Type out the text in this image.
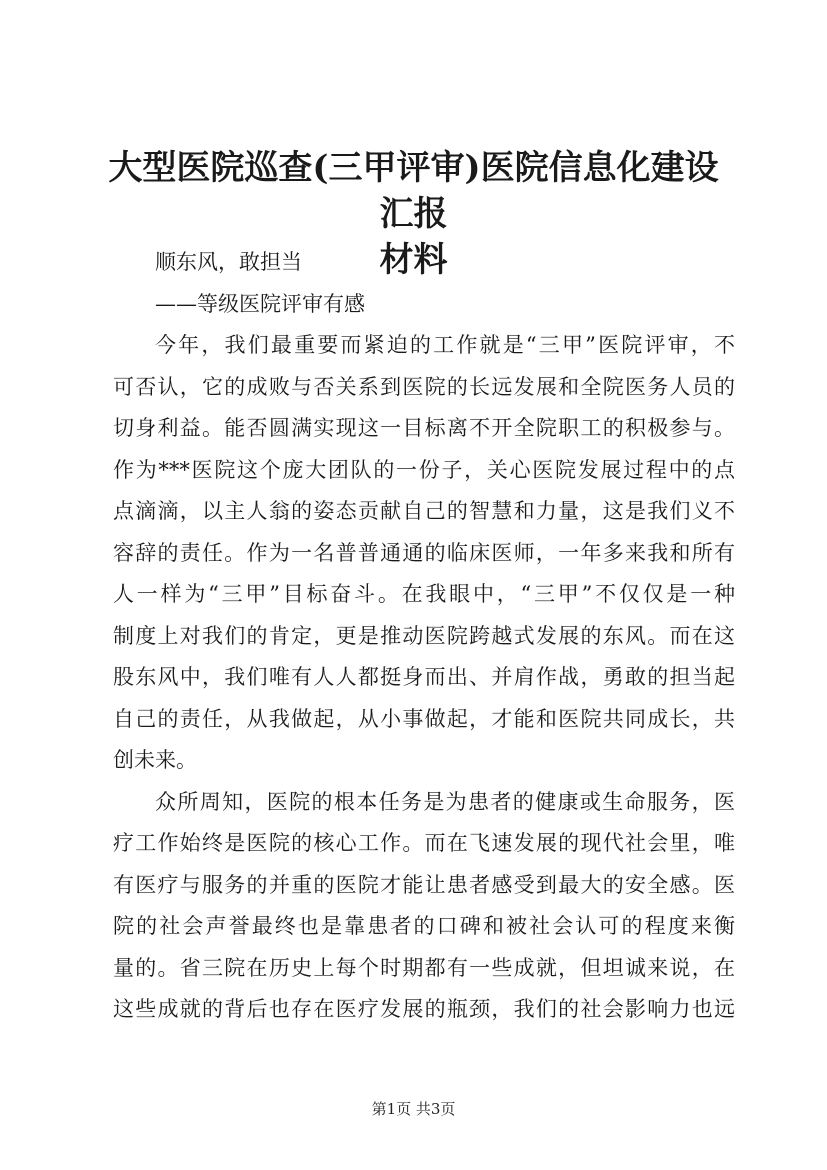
大型医院巡查(三甲评审)医院信息化建设汇报
材料
顺东风，敢担当
——等级医院评审有感
今年，我们最重要而紧迫的工作就是“三甲”医院评审，不
可否认，它的成败与否关系到医院的长远发展和全院医务人员的
切身利益。能否圆满实现这一目标离不开全院职工的积极参与。
作为***医院这个庞大团队的一份子，关心医院发展过程中的点
点滴滴，以主人翁的姿态贡献自己的智慧和力量，这是我们义不
容辞的责任。作为一名普普通通的临床医师，一年多来我和所有
人一样为“三甲”目标奋斗。在我眼中，“三甲”不仅仅是一种
制度上对我们的肯定，更是推动医院跨越式发展的东风。而在这
股东风中，我们唯有人人都挺身而出、并肩作战，勇敢的担当起
自己的责任，从我做起，从小事做起，才能和医院共同成长，共
创未来。
众所周知，医院的根本任务是为患者的健康或生命服务，医
疗工作始终是医院的核心工作。而在飞速发展的现代社会里，唯
有医疗与服务的并重的医院才能让患者感受到最大的安全感。医
院的社会声誉最终也是靠患者的口碑和被社会认可的程度来衡
量的。省三院在历史上每个时期都有一些成就，但坦诚来说，在
这些成就的背后也存在医疗发展的瓶颈，我们的社会影响力也远
第1页 共3页
